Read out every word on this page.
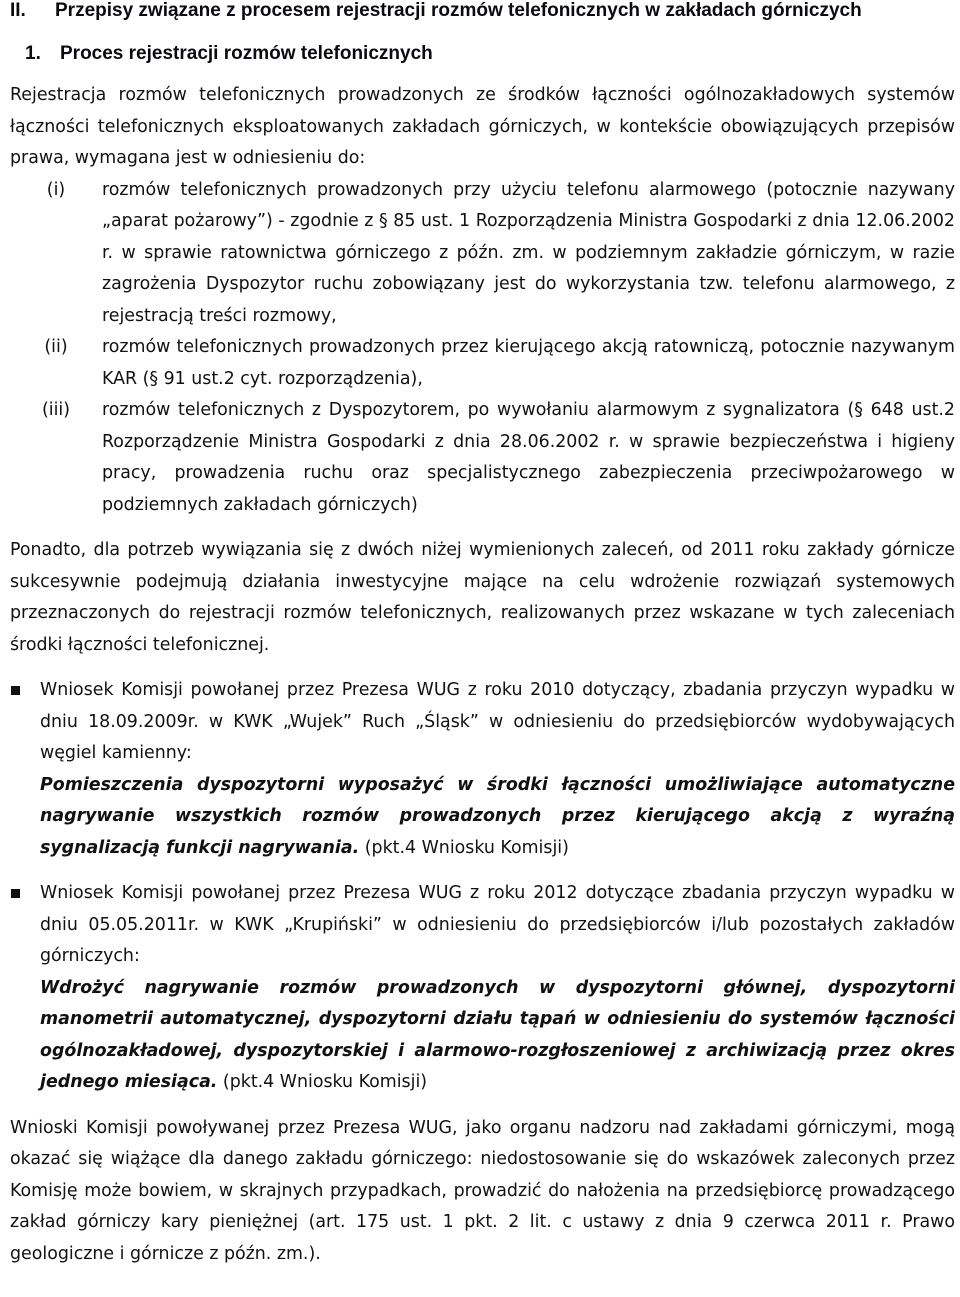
II.	Przepisy związane z procesem rejestracji rozmów telefonicznych w zakładach górniczych
1.	Proces rejestracji rozmów telefonicznych

Rejestracja rozmów telefonicznych prowadzonych ze środków łączności ogólnozakładowych systemów łączności telefonicznych eksploatowanych zakładach górniczych, w kontekście obowiązujących przepisów prawa, wymagana jest w odniesieniu do:

(i)	rozmów telefonicznych prowadzonych przy użyciu telefonu alarmowego (potocznie nazywany „aparat pożarowy”) - zgodnie z § 85 ust. 1 Rozporządzenia Ministra Gospodarki z dnia 12.06.2002 r. w sprawie ratownictwa górniczego z późn. zm. w podziemnym zakładzie górniczym, w razie zagrożenia Dyspozytor ruchu zobowiązany jest do wykorzystania tzw. telefonu alarmowego, z rejestracją treści rozmowy,
(ii)	rozmów telefonicznych prowadzonych przez kierującego akcją ratowniczą, potocznie nazywanym KAR (§ 91 ust.2 cyt. rozporządzenia),
(iii)	rozmów telefonicznych z Dyspozytorem, po wywołaniu alarmowym z sygnalizatora (§ 648 ust.2 Rozporządzenie Ministra Gospodarki z dnia 28.06.2002 r. w sprawie bezpieczeństwa i higieny pracy, prowadzenia ruchu oraz specjalistycznego zabezpieczenia przeciwpożarowego w podziemnych zakładach górniczych)

Ponadto, dla potrzeb wywiązania się z dwóch niżej wymienionych zaleceń, od 2011 roku zakłady górnicze sukcesywnie podejmują działania inwestycyjne mające na celu wdrożenie rozwiązań systemowych przeznaczonych do rejestracji rozmów telefonicznych, realizowanych przez wskazane w tych zaleceniach środki łączności telefonicznej.

Wniosek Komisji powołanej przez Prezesa WUG z roku 2010 dotyczący, zbadania przyczyn wypadku w dniu 18.09.2009r. w KWK „Wujek” Ruch „Śląsk” w odniesieniu do przedsiębiorców wydobywających węgiel kamienny:

Pomieszczenia dyspozytorni wyposażyć w środki łączności umożliwiające automatyczne nagrywanie wszystkich rozmów prowadzonych przez kierującego akcją z wyraźną sygnalizacją funkcji nagrywania. (pkt.4 Wniosku Komisji)

Wniosek Komisji powołanej przez Prezesa WUG z roku 2012 dotyczące zbadania przyczyn wypadku w dniu 05.05.2011r. w KWK „Krupiński” w odniesieniu do przedsiębiorców i/lub pozostałych zakładów górniczych:

Wdrożyć nagrywanie rozmów prowadzonych w dyspozytorni głównej, dyspozytorni manometrii automatycznej, dyspozytorni działu tąpań w odniesieniu do systemów łączności ogólnozakładowej, dyspozytorskiej i alarmowo-rozgłoszeniowej z archiwizacją przez okres jednego miesiąca. (pkt.4 Wniosku Komisji)

Wnioski Komisji powoływanej przez Prezesa WUG, jako organu nadzoru nad zakładami górniczymi, mogą okazać się wiążące dla danego zakładu górniczego: niedostosowanie się do wskazówek zaleconych przez Komisję może bowiem, w skrajnych przypadkach, prowadzić do nałożenia na przedsiębiorcę prowadzącego zakład górniczy kary pieniężnej (art. 175 ust. 1 pkt. 2 lit. c ustawy z dnia 9 czerwca 2011 r. Prawo geologiczne i górnicze z późn. zm.).
